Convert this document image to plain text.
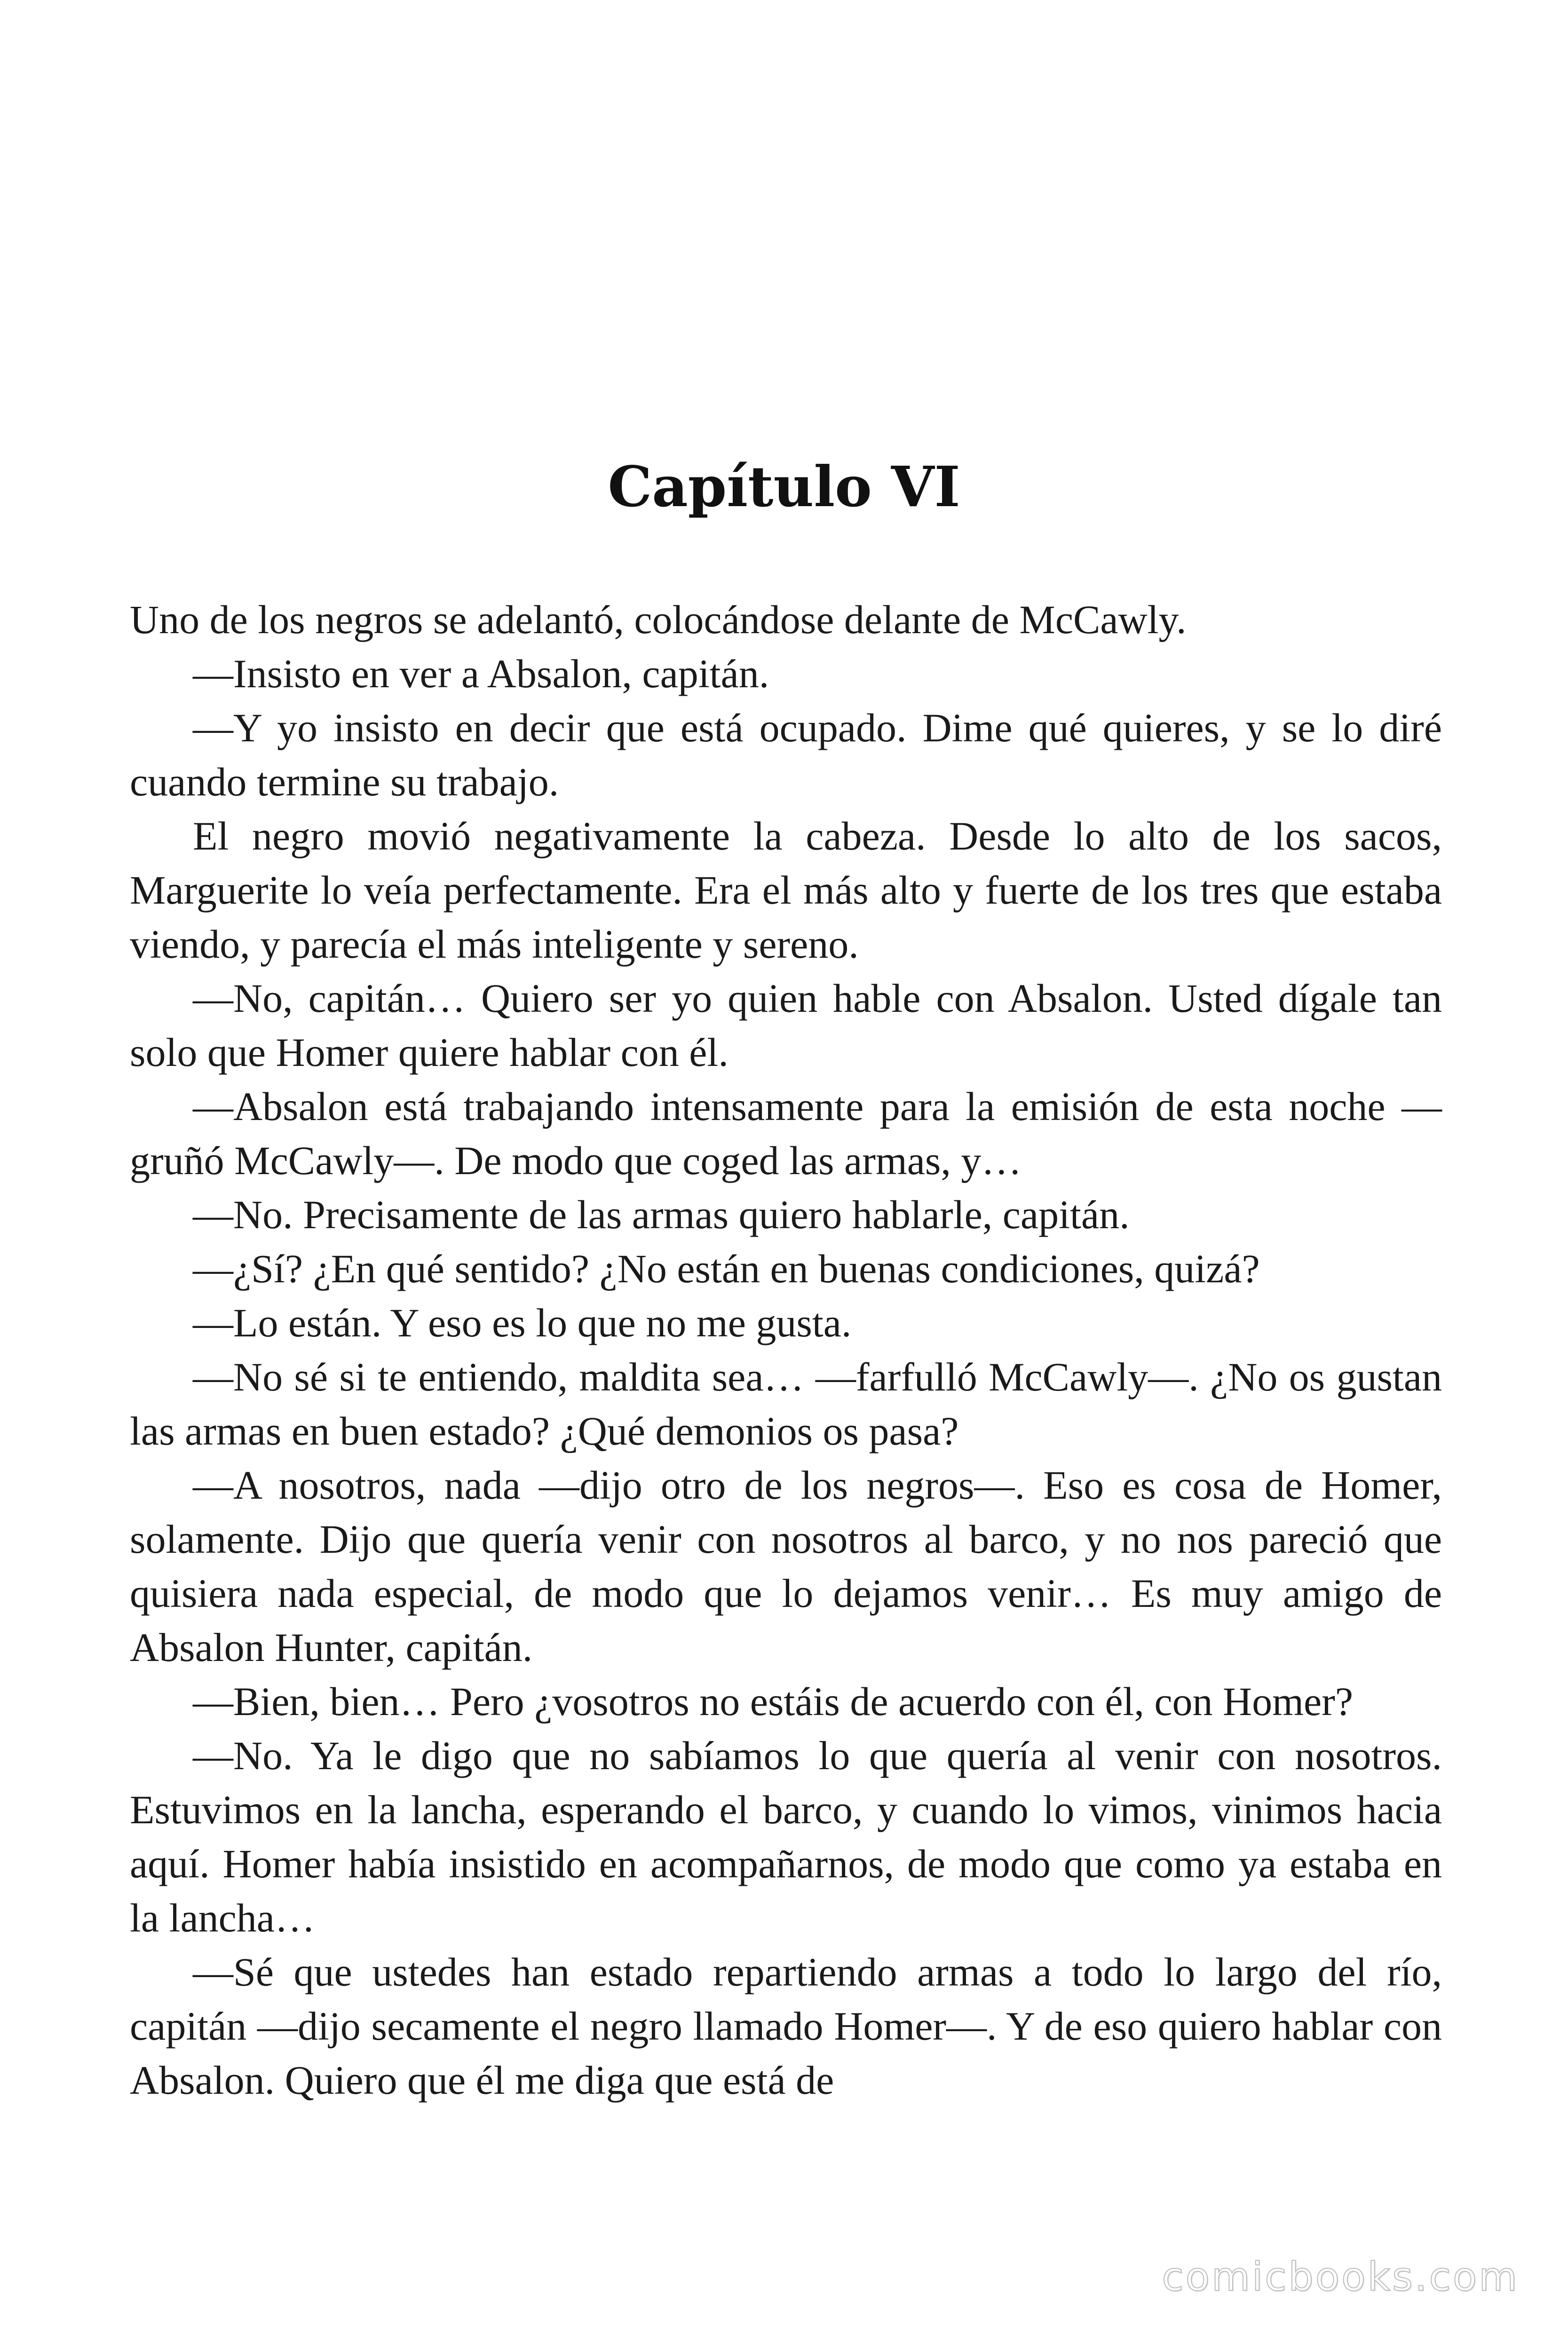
Capítulo VI

Uno de los negros se adelantó, colocándose delante de McCawly.

—Insisto en ver a Absalon, capitán.

—Y yo insisto en decir que está ocupado. Dime qué quieres, y se lo diré cuando termine su trabajo.

El negro movió negativamente la cabeza. Desde lo alto de los sacos, Marguerite lo veía perfectamente. Era el más alto y fuerte de los tres que estaba viendo, y parecía el más inteligente y sereno.

—No, capitán… Quiero ser yo quien hable con Absalon. Usted dígale tan solo que Homer quiere hablar con él.

—Absalon está trabajando intensamente para la emisión de esta noche —gruñó McCawly—. De modo que coged las armas, y…

—No. Precisamente de las armas quiero hablarle, capitán.

—¿Sí? ¿En qué sentido? ¿No están en buenas condiciones, quizá?

—Lo están. Y eso es lo que no me gusta.

—No sé si te entiendo, maldita sea… —farfulló McCawly—. ¿No os gustan las armas en buen estado? ¿Qué demonios os pasa?

—A nosotros, nada —dijo otro de los negros—. Eso es cosa de Homer, solamente. Dijo que quería venir con nosotros al barco, y no nos pareció que quisiera nada especial, de modo que lo dejamos venir… Es muy amigo de Absalon Hunter, capitán.

—Bien, bien… Pero ¿vosotros no estáis de acuerdo con él, con Homer?

—No. Ya le digo que no sabíamos lo que quería al venir con nosotros. Estuvimos en la lancha, esperando el barco, y cuando lo vimos, vinimos hacia aquí. Homer había insistido en acompañarnos, de modo que como ya estaba en la lancha…

—Sé que ustedes han estado repartiendo armas a todo lo largo del río, capitán —dijo secamente el negro llamado Homer—. Y de eso quiero hablar con Absalon. Quiero que él me diga que está de

comicbooks.com
